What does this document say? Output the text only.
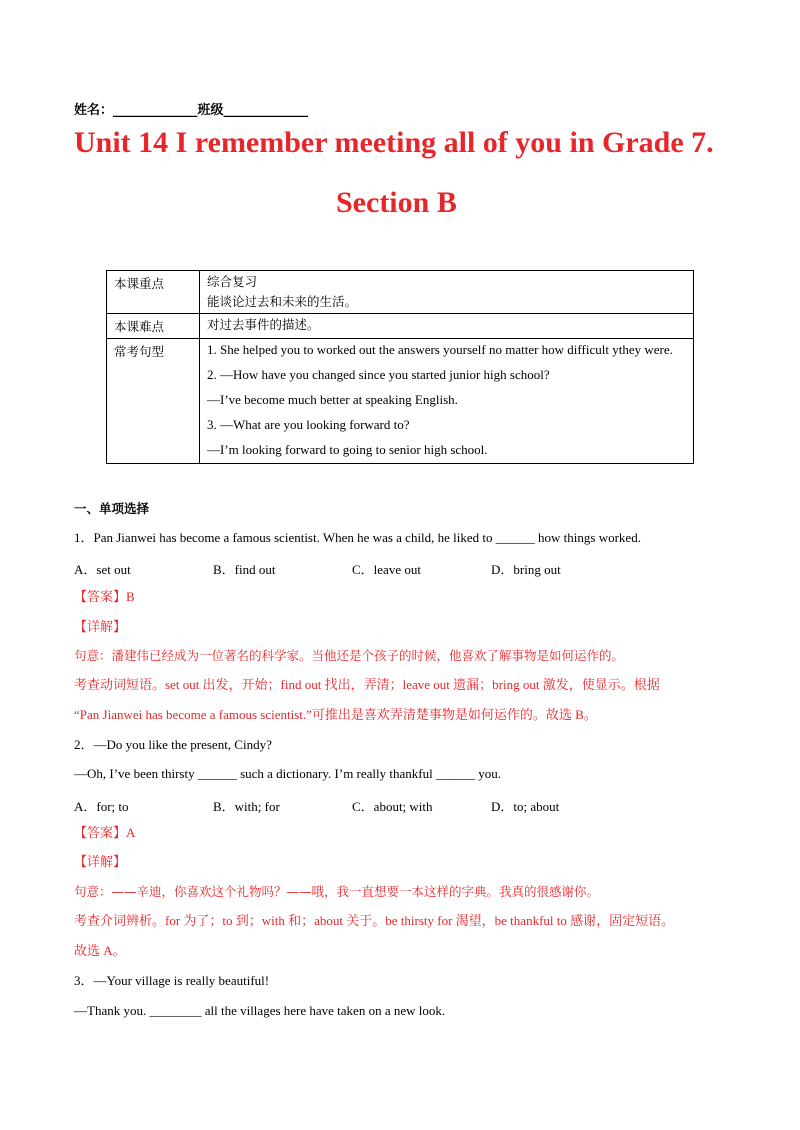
姓名：_____________班级_____________
Unit 14 I remember meeting all of you in Grade 7.
Section B
本课重点	综合复习

能谈论过去和未来的生活。

本课难点	对过去事件的描述。

常考句型	1. She helped you to worked out the answers yourself no matter how difficult ythey were.

2. —How have you changed since you started junior high school?

—I’ve become much better at speaking English.

3. —What are you looking forward to?

—I’m looking forward to going to senior high school.

一、单项选择
1．Pan Jianwei has become a famous scientist. When he was a child, he liked to ______ how things worked.
A．set out	B．find out	C．leave out	D．bring out
【答案】B
【详解】
句意：潘建伟已经成为一位著名的科学家。当他还是个孩子的时候，他喜欢了解事物是如何运作的。
考查动词短语。set out 出发，开始；find out 找出，弄清；leave out 遗漏；bring out 激发，使显示。根据
“Pan Jianwei has become a famous scientist.”可推出是喜欢弄清楚事物是如何运作的。故选 B。
2．—Do you like the present, Cindy?
—Oh, I’ve been thirsty ______ such a dictionary. I’m really thankful ______ you.
A．for; to	B．with; for	C．about; with	D．to; about
【答案】A
【详解】
句意：——辛迪，你喜欢这个礼物吗？——哦，我一直想要一本这样的字典。我真的很感谢你。
考查介词辨析。for 为了；to 到；with 和；about 关于。be thirsty for 渴望，be thankful to 感谢，固定短语。
故选 A。
3．—Your village is really beautiful!
—Thank you. ________ all the villages here have taken on a new look.
